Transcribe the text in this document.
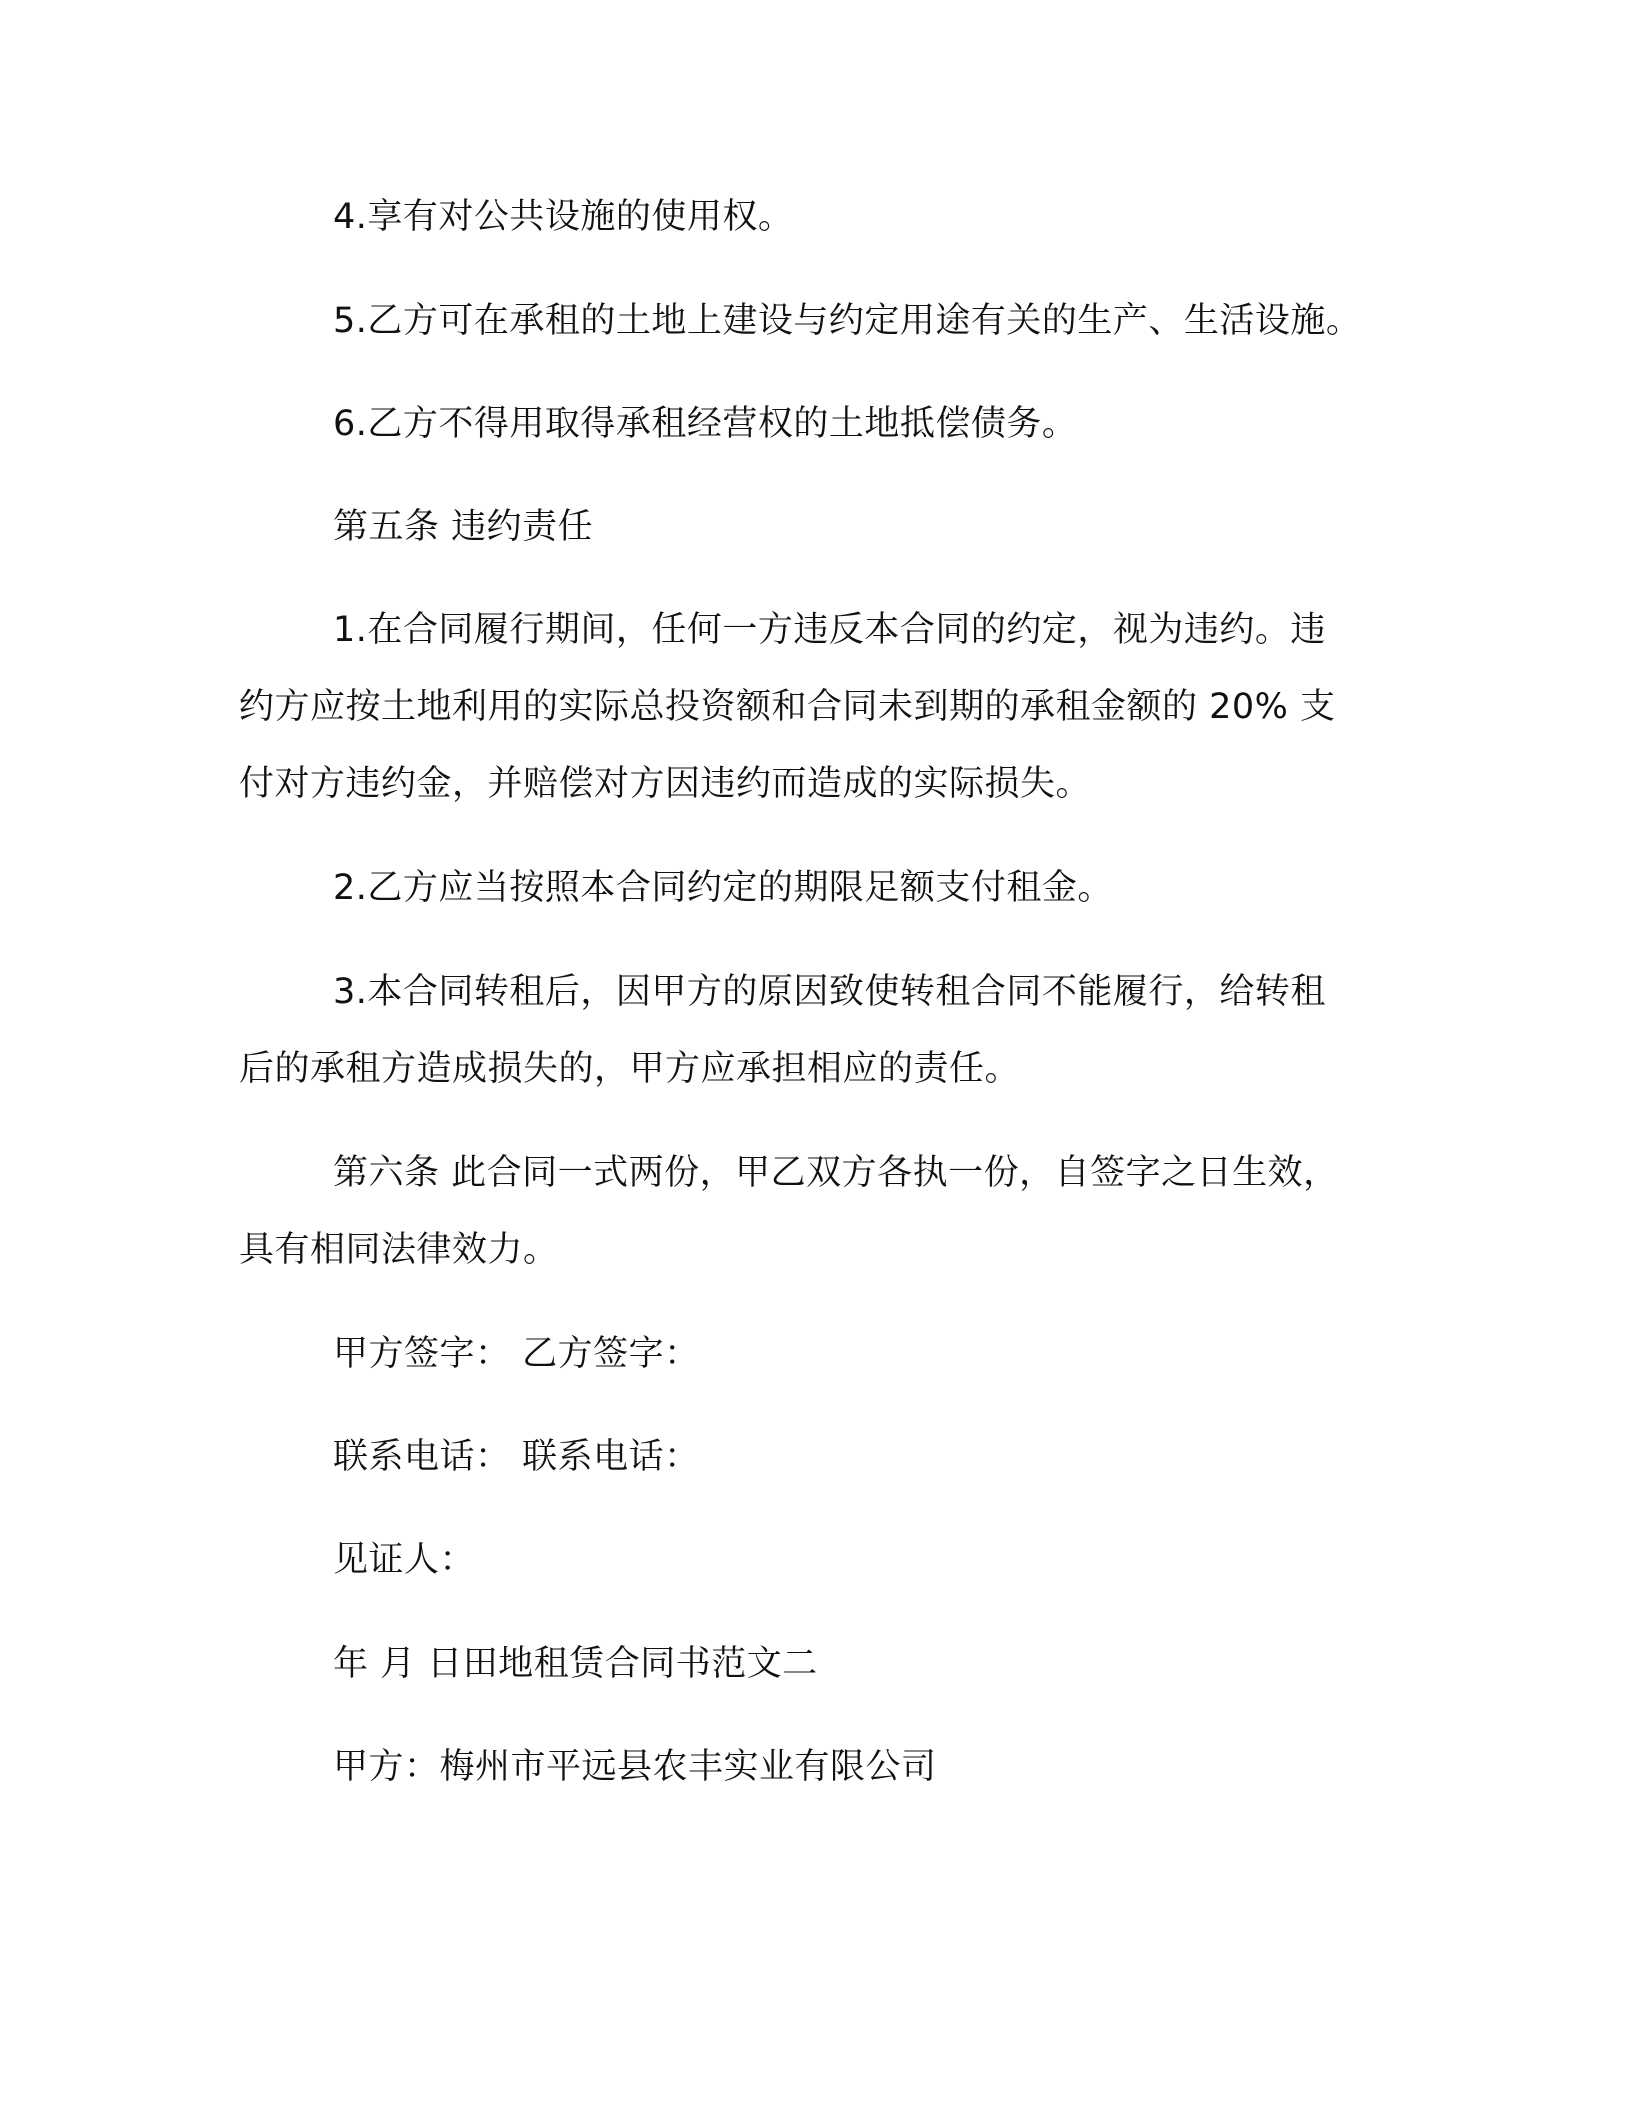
4.享有对公共设施的使用权。
5.乙方可在承租的土地上建设与约定用途有关的生产、生活设施。
6.乙方不得用取得承租经营权的土地抵偿债务。
第五条 违约责任
1.在合同履行期间，任何一方违反本合同的约定，视为违约。违
约方应按土地利用的实际总投资额和合同未到期的承租金额的 20% 支
付对方违约金，并赔偿对方因违约而造成的实际损失。
2.乙方应当按照本合同约定的期限足额支付租金。
3.本合同转租后，因甲方的原因致使转租合同不能履行，给转租
后的承租方造成损失的，甲方应承担相应的责任。
第六条 此合同一式两份，甲乙双方各执一份，自签字之日生效，
具有相同法律效力。
甲方签字： 乙方签字：
联系电话： 联系电话：
见证人：
年 月 日田地租赁合同书范文二
甲方：梅州市平远县农丰实业有限公司
